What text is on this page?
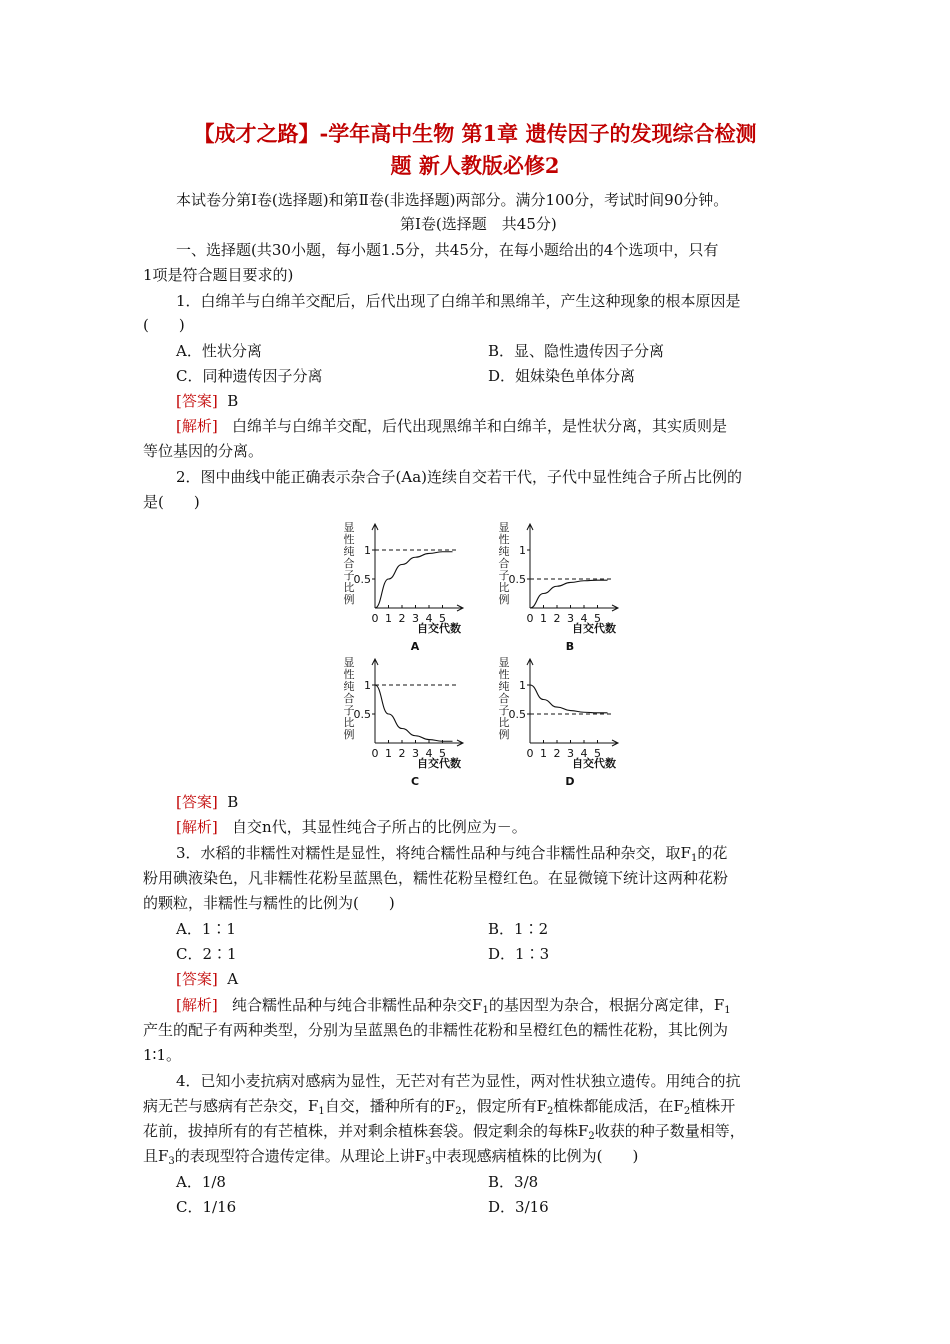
【成才之路】-学年高中生物 第1章 遗传因子的发现综合检测
题 新人教版必修2
本试卷分第Ⅰ卷(选择题)和第Ⅱ卷(非选择题)两部分。满分100分，考试时间90分钟。
第Ⅰ卷(选择题　共45分)
一、选择题(共30小题，每小题1.5分，共45分，在每小题给出的4个选项中，只有
1项是符合题目要求的)
1．白绵羊与白绵羊交配后，后代出现了白绵羊和黑绵羊，产生这种现象的根本原因是
(　　)
A．性状分离	B．显、隐性遗传因子分离
C．同种遗传因子分离	D．姐妹染色单体分离
[答案] B
[解析] 白绵羊与白绵羊交配，后代出现黑绵羊和白绵羊，是性状分离，其实质则是
等位基因的分离。
2．图中曲线中能正确表示杂合子(Aa)连续自交若干代，子代中显性纯合子所占比例的
是(　　)
显
性
纯
合
子
比
例
0.5
1
0 1 2 3 4 5
自交代数
A
显
性
纯
合
子
比
例
0.5
1
0 1 2 3 4 5
自交代数
B
显
性
纯
合
子
比
例
0.5
1
0 1 2 3 4 5
自交代数
C
显
性
纯
合
子
比
例
0.5
1
0 1 2 3 4 5
自交代数
D
[答案] B
[解析] 自交n代，其显性纯合子所占的比例应为－。
3．水稻的非糯性对糯性是显性，将纯合糯性品种与纯合非糯性品种杂交，取$F_1$的花
粉用碘液染色，凡非糯性花粉呈蓝黑色，糯性花粉呈橙红色。在显微镜下统计这两种花粉
的颗粒，非糯性与糯性的比例为(　　)
A．1∶1	B．1∶2
C．2∶1	D．1∶3
[答案] A
[解析] 纯合糯性品种与纯合非糯性品种杂交$F_1$的基因型为杂合，根据分离定律，$F_1$
产生的配子有两种类型，分别为呈蓝黑色的非糯性花粉和呈橙红色的糯性花粉，其比例为
1∶1。
4．已知小麦抗病对感病为显性，无芒对有芒为显性，两对性状独立遗传。用纯合的抗
病无芒与感病有芒杂交，$F_1$自交，播种所有的$F_2$，假定所有$F_2$植株都能成活，在$F_2$植株开
花前，拔掉所有的有芒植株，并对剩余植株套袋。假定剩余的每株$F_2$收获的种子数量相等，
且$F_3$的表现型符合遗传定律。从理论上讲$F_3$中表现感病植株的比例为(　　)
A．1/8	B．3/8
C．1/16	D．3/16
